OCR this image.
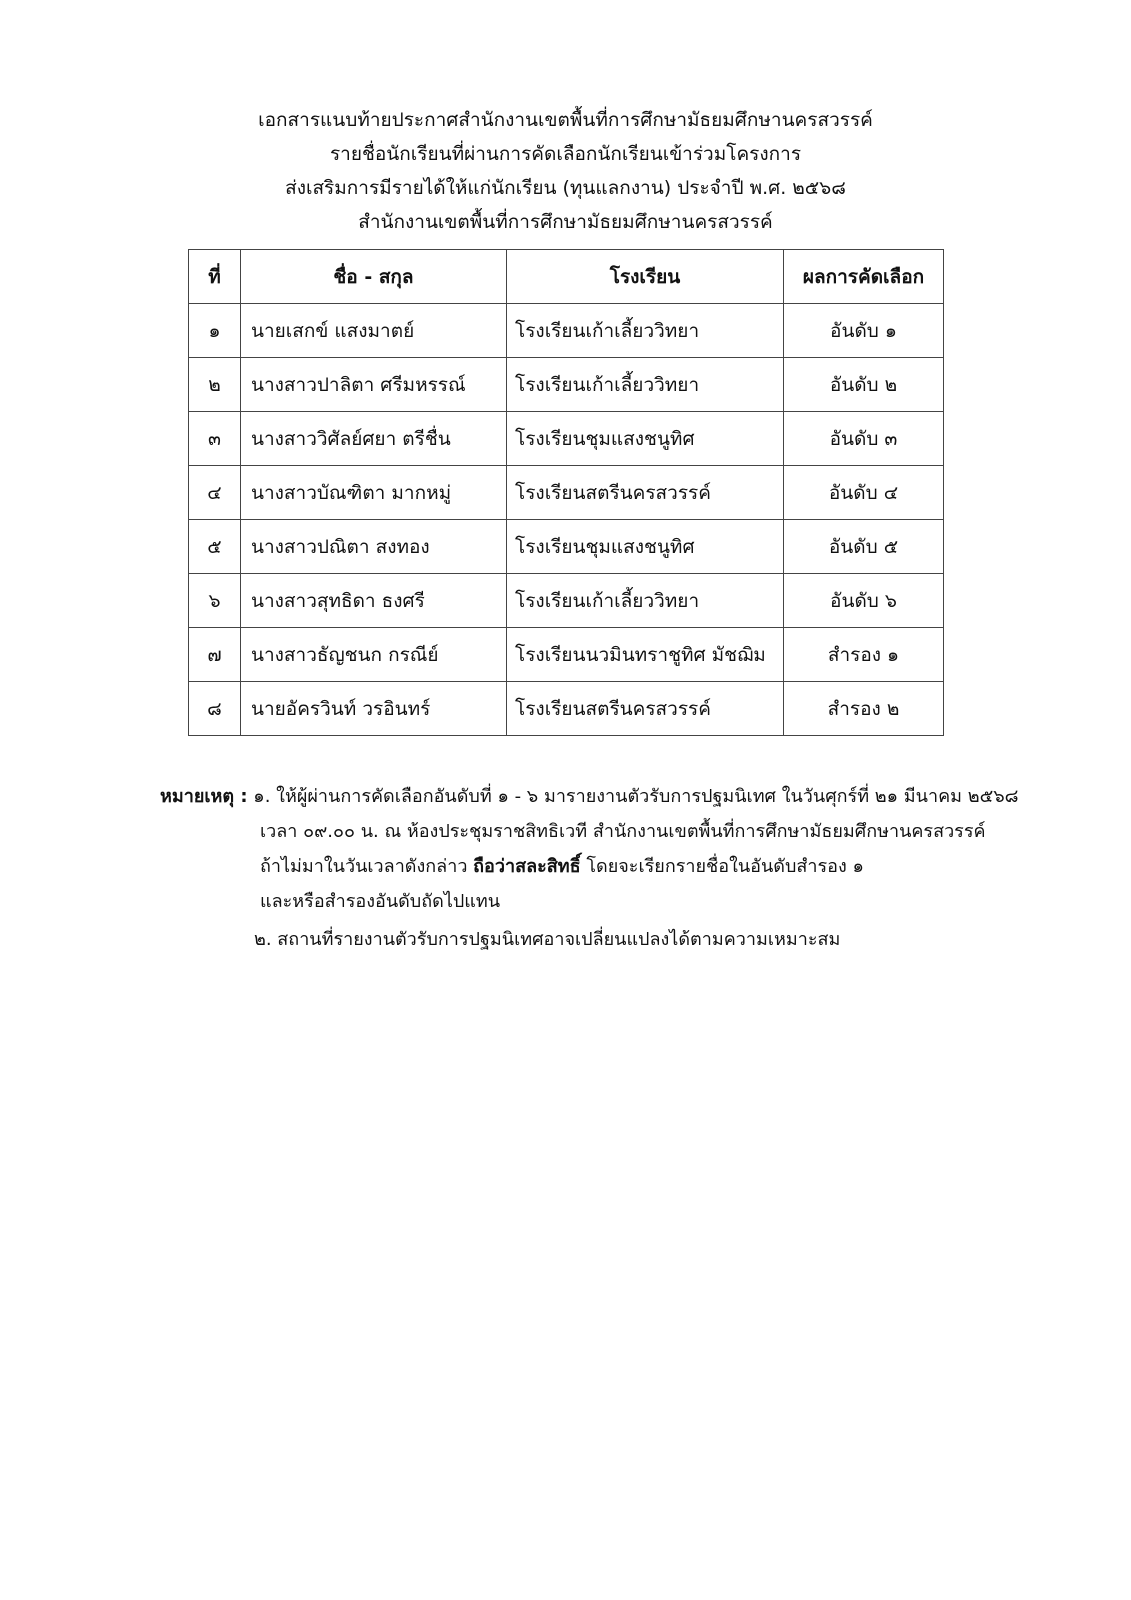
เอกสารแนบท้ายประกาศสำนักงานเขตพื้นที่การศึกษามัธยมศึกษานครสวรรค์
รายชื่อนักเรียนที่ผ่านการคัดเลือกนักเรียนเข้าร่วมโครงการ
ส่งเสริมการมีรายได้ให้แก่นักเรียน (ทุนแลกงาน) ประจำปี พ.ศ. ๒๕๖๘
สำนักงานเขตพื้นที่การศึกษามัธยมศึกษานครสวรรค์
ที่	ชื่อ - สกุล	โรงเรียน	ผลการคัดเลือก
๑	นายเสกข์ แสงมาตย์	โรงเรียนเก้าเลี้ยววิทยา	อันดับ ๑
๒	นางสาวปาลิตา ศรีมหรรณ์	โรงเรียนเก้าเลี้ยววิทยา	อันดับ ๒
๓	นางสาววิศัลย์ศยา ตรีชื่น	โรงเรียนชุมแสงชนูทิศ	อันดับ ๓
๔	นางสาวบัณฑิตา มากหมู่	โรงเรียนสตรีนครสวรรค์	อันดับ ๔
๕	นางสาวปณิตา สงทอง	โรงเรียนชุมแสงชนูทิศ	อันดับ ๕
๖	นางสาวสุทธิดา ธงศรี	โรงเรียนเก้าเลี้ยววิทยา	อันดับ ๖
๗	นางสาวธัญชนก กรณีย์	โรงเรียนนวมินทราชูทิศ มัชฌิม	สำรอง ๑
๘	นายอัครวินท์ วรอินทร์	โรงเรียนสตรีนครสวรรค์	สำรอง ๒
หมายเหตุ : ๑. ให้ผู้ผ่านการคัดเลือกอันดับที่ ๑ - ๖ มารายงานตัวรับการปฐมนิเทศ ในวันศุกร์ที่ ๒๑ มีนาคม ๒๕๖๘
เวลา ๐๙.๐๐ น. ณ ห้องประชุมราชสิทธิเวที สำนักงานเขตพื้นที่การศึกษามัธยมศึกษานครสวรรค์
ถ้าไม่มาในวันเวลาดังกล่าว ถือว่าสละสิทธิ์ โดยจะเรียกรายชื่อในอันดับสำรอง ๑
และหรือสำรองอันดับถัดไปแทน
๒. สถานที่รายงานตัวรับการปฐมนิเทศอาจเปลี่ยนแปลงได้ตามความเหมาะสม
